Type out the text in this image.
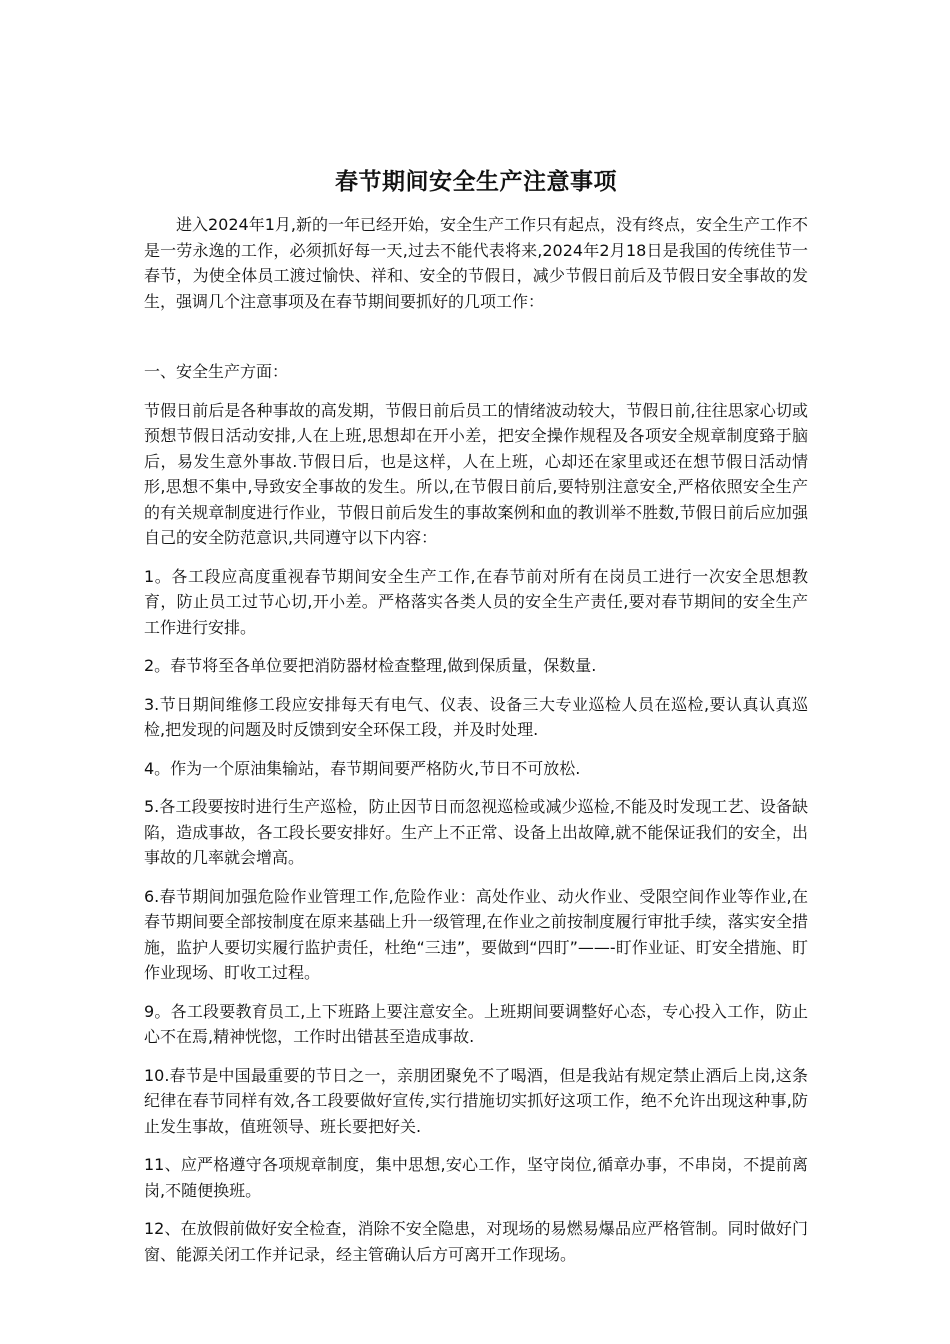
春节期间安全生产注意事项

进入2024年1月,新的一年已经开始，安全生产工作只有起点，没有终点，安全生产工作不是一劳永逸的工作，必须抓好每一天,过去不能代表将来,2024年2月18日是我国的传统佳节一春节，为使全体员工渡过愉快、祥和、安全的节假日，减少节假日前后及节假日安全事故的发生，强调几个注意事项及在春节期间要抓好的几项工作：

一、安全生产方面：

节假日前后是各种事故的高发期，节假日前后员工的情绪波动较大，节假日前,往往思家心切或预想节假日活动安排,人在上班,思想却在开小差，把安全操作规程及各项安全规章制度臵于脑后，易发生意外事故.节假日后，也是这样，人在上班，心却还在家里或还在想节假日活动情形,思想不集中,导致安全事故的发生。所以,在节假日前后,要特别注意安全,严格依照安全生产的有关规章制度进行作业，节假日前后发生的事故案例和血的教训举不胜数,节假日前后应加强自己的安全防范意识,共同遵守以下内容：

1。各工段应高度重视春节期间安全生产工作,在春节前对所有在岗员工进行一次安全思想教育，防止员工过节心切,开小差。严格落实各类人员的安全生产责任,要对春节期间的安全生产工作进行安排。

2。春节将至各单位要把消防器材检查整理,做到保质量，保数量.

3.节日期间维修工段应安排每天有电气、仪表、设备三大专业巡检人员在巡检,要认真认真巡检,把发现的问题及时反馈到安全环保工段，并及时处理.

4。作为一个原油集输站，春节期间要严格防火,节日不可放松.

5.各工段要按时进行生产巡检，防止因节日而忽视巡检或减少巡检,不能及时发现工艺、设备缺陷，造成事故，各工段长要安排好。生产上不正常、设备上出故障,就不能保证我们的安全，出事故的几率就会增高。

6.春节期间加强危险作业管理工作,危险作业：高处作业、动火作业、受限空间作业等作业,在春节期间要全部按制度在原来基础上升一级管理,在作业之前按制度履行审批手续，落实安全措施，监护人要切实履行监护责任，杜绝“三违”，要做到“四盯”——-盯作业证、盯安全措施、盯作业现场、盯收工过程。

9。各工段要教育员工,上下班路上要注意安全。上班期间要调整好心态，专心投入工作，防止心不在焉,精神恍惚，工作时出错甚至造成事故.

10.春节是中国最重要的节日之一，亲朋团聚免不了喝酒，但是我站有规定禁止酒后上岗,这条纪律在春节同样有效,各工段要做好宣传,实行措施切实抓好这项工作，绝不允许出现这种事,防止发生事故，值班领导、班长要把好关.

11、应严格遵守各项规章制度，集中思想,安心工作，坚守岗位,循章办事，不串岗，不提前离岗,不随便换班。

12、在放假前做好安全检查，消除不安全隐患，对现场的易燃易爆品应严格管制。同时做好门窗、能源关闭工作并记录，经主管确认后方可离开工作现场。
